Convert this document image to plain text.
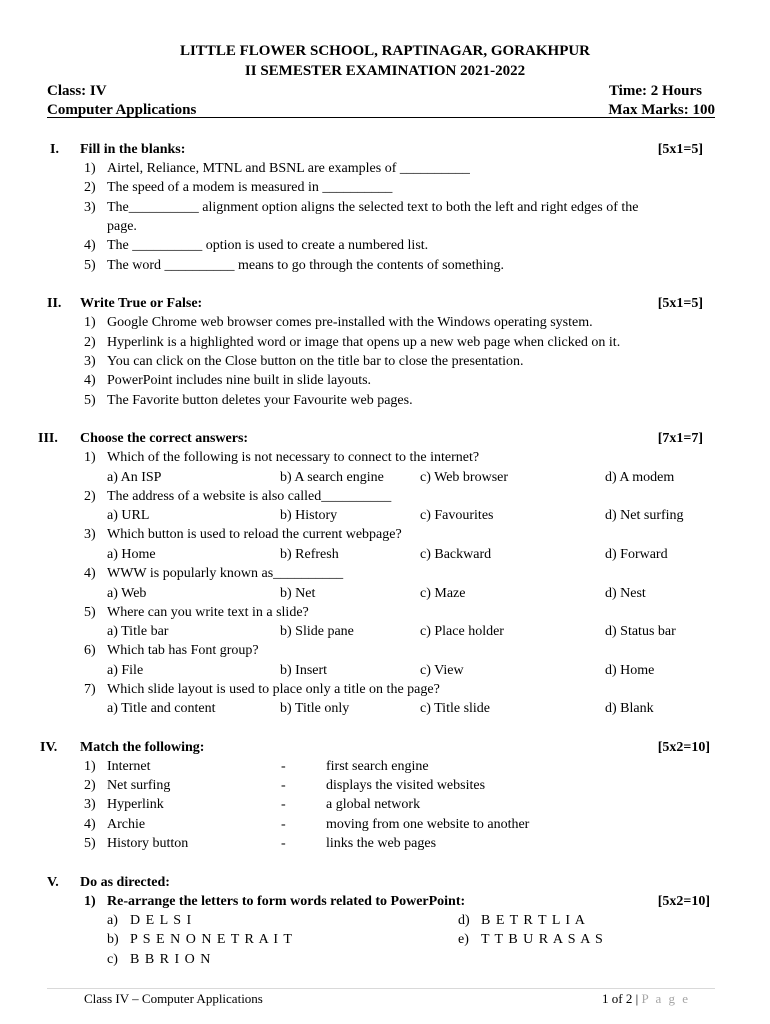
LITTLE FLOWER SCHOOL, RAPTINAGAR, GORAKHPUR
II SEMESTER EXAMINATION 2021-2022
Class: IV
Computer Applications
Time: 2 Hours
Max Marks: 100
I. Fill in the blanks:	[5x1=5]
1) Airtel, Reliance, MTNL and BSNL are examples of __________
2) The speed of a modem is measured in __________
3) The__________ alignment option aligns the selected text to both the left and right edges of the
page.
4) The __________ option is used to create a numbered list.
5) The word __________ means to go through the contents of something.
II. Write True or False:	[5x1=5]
1) Google Chrome web browser comes pre-installed with the Windows operating system.
2) Hyperlink is a highlighted word or image that opens up a new web page when clicked on it.
3) You can click on the Close button on the title bar to close the presentation.
4) PowerPoint includes nine built in slide layouts.
5) The Favorite button deletes your Favourite web pages.
III. Choose the correct answers:	[7x1=7]
1) Which of the following is not necessary to connect to the internet?
a) An ISP	b) A search engine	c) Web browser	d) A modem
2) The address of a website is also called__________
a) URL	b) History	c) Favourites	d) Net surfing
3) Which button is used to reload the current webpage?
a) Home	b) Refresh	c) Backward	d) Forward
4) WWW is popularly known as__________
a) Web	b) Net	c) Maze	d) Nest
5) Where can you write text in a slide?
a) Title bar	b) Slide pane	c) Place holder	d) Status bar
6) Which tab has Font group?
a) File	b) Insert	c) View	d) Home
7) Which slide layout is used to place only a title on the page?
a) Title and content	b) Title only	c) Title slide	d) Blank
IV. Match the following:	[5x2=10]
1) Internet	-	first search engine
2) Net surfing	-	displays the visited websites
3) Hyperlink	-	a global network
4) Archie	-	moving from one website to another
5) History button	-	links the web pages
V. Do as directed:
1) Re-arrange the letters to form words related to PowerPoint:	[5x2=10]
a) D E L S I
b) P S E N O N E T R A I T
c) B B R I O N
d) B E T R T L I A
e) T T B U R A S A S
Class IV – Computer Applications	1 of 2 | P a g e
